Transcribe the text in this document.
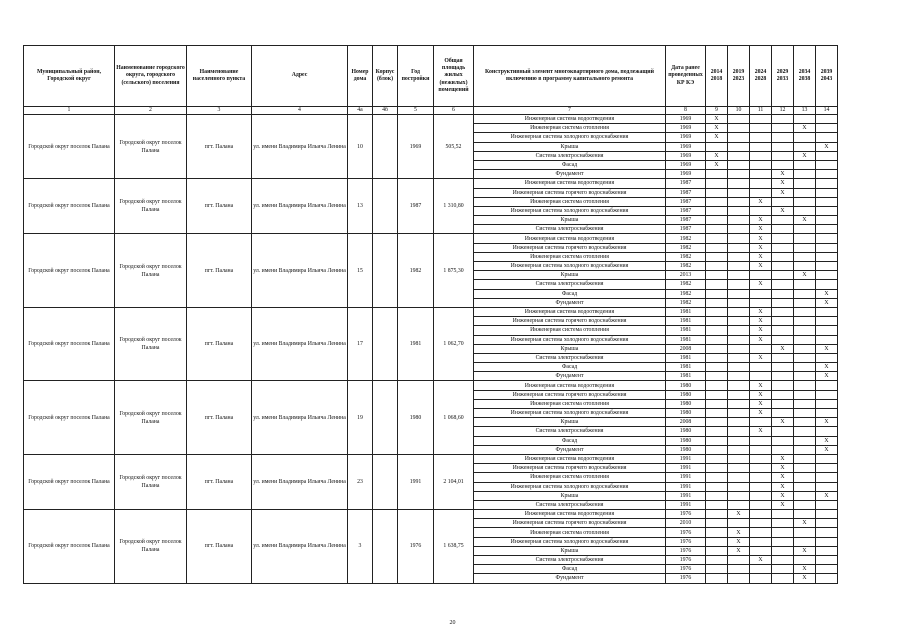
Муниципальный район, Городской округ	Наименование городского округа, городского (сельского) поселения	Наименование населенного пункта	Адрес	Номер дома	Корпус (блок)	Год постройки	Общая площадь жилых (нежилых) помещений	Конструктивный элемент многоквартирного дома, подлежащий включению в программу капитального ремонта	Дата ранее проведенных КР КЭ	2014 2018	2019 2023	2024 2028	2029 2033	2034 2038	2039 2043
1	2	3	4	4а	4б	5	6	7	8	9	10	11	12	13	14
Городской округ поселок Палана	Городской округ поселок Палана	пгт. Палана	ул. имени Владимира Ильича Ленина	10		1969	505,52	Инженерная система водоотведения	1969	X					
								Инженерная система отопления	1969	X				X	
								Инженерная система холодного водоснабжения	1969	X					
								Крыша	1969						X
								Система электроснабжения	1969	X				X	
								Фасад	1969	X					
								Фундамент	1969				X		
Городской округ поселок Палана	Городской округ поселок Палана	пгт. Палана	ул. имени Владимира Ильича Ленина	13		1987	1 310,80	Инженерная система водоотведения	1987				X		
								Инженерная система горячего водоснабжения	1987				X		
								Инженерная система отопления	1987			X			
								Инженерная система холодного водоснабжения	1987				X		
								Крыша	1987			X		X	
								Система электроснабжения	1987			X			
Городской округ поселок Палана	Городской округ поселок Палана	пгт. Палана	ул. имени Владимира Ильича Ленина	15		1982	1 875,30	Инженерная система водоотведения	1982			X			
								Инженерная система горячего водоснабжения	1982			X			
								Инженерная система отопления	1982			X			
								Инженерная система холодного водоснабжения	1982			X			
								Крыша	2013					X	
								Система электроснабжения	1982			X			
								Фасад	1982						X
								Фундамент	1982						X
Городской округ поселок Палана	Городской округ поселок Палана	пгт. Палана	ул. имени Владимира Ильича Ленина	17		1981	1 062,70	Инженерная система водоотведения	1981			X			
								Инженерная система горячего водоснабжения	1981			X			
								Инженерная система отопления	1981			X			
								Инженерная система холодного водоснабжения	1981			X			
								Крыша	2008				X		X
								Система электроснабжения	1981			X			
								Фасад	1981						X
								Фундамент	1981						X
Городской округ поселок Палана	Городской округ поселок Палана	пгт. Палана	ул. имени Владимира Ильича Ленина	19		1980	1 068,60	Инженерная система водоотведения	1980			X			
								Инженерная система горячего водоснабжения	1980			X			
								Инженерная система отопления	1980			X			
								Инженерная система холодного водоснабжения	1980			X			
								Крыша	2008				X		X
								Система электроснабжения	1980			X			
								Фасад	1980						X
								Фундамент	1980						X
Городской округ поселок Палана	Городской округ поселок Палана	пгт. Палана	ул. имени Владимира Ильича Ленина	23		1991	2 104,01	Инженерная система водоотведения	1991				X		
								Инженерная система горячего водоснабжения	1991				X		
								Инженерная система отопления	1991				X		
								Инженерная система холодного водоснабжения	1991				X		
								Крыша	1991				X		X
								Система электроснабжения	1991				X		
Городской округ поселок Палана	Городской округ поселок Палана	пгт. Палана	ул. имени Владимира Ильича Ленина	3		1976	1 638,75	Инженерная система водоотведения	1976		X				
								Инженерная система горячего водоснабжения	2010					X	
								Инженерная система отопления	1976		X				
								Инженерная система холодного водоснабжения	1976		X				
								Крыша	1976		X			X	
								Система электроснабжения	1976			X			
								Фасад	1976					X	
								Фундамент	1976					X	
20
